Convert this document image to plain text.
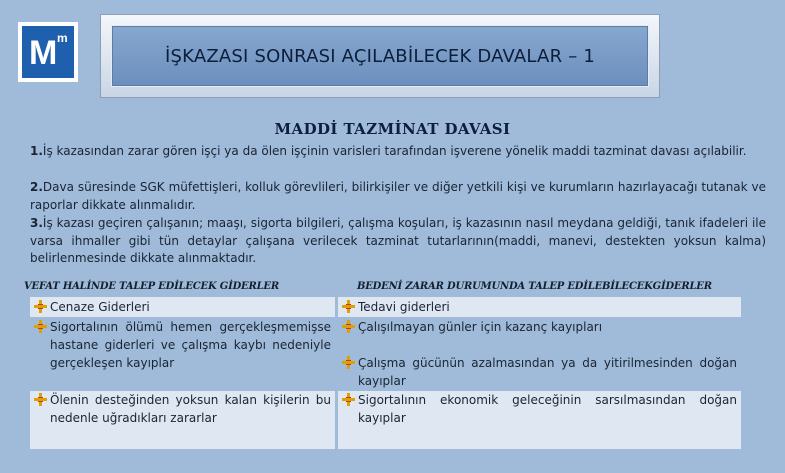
M m
İŞKAZASI SONRASI AÇILABİLECEK DAVALAR – 1
MADDİ TAZMİNAT DAVASI
1.İş kazasından zarar gören işçi ya da ölen işçinin varisleri tarafından işverene yönelik maddi tazminat davası açılabilir.
2.Dava süresinde SGK müfettişleri, kolluk görevlileri, bilirkişiler ve diğer yetkili kişi ve kurumların hazırlayacağı tutanak ve raporlar dikkate alınmalıdır.
3.İş kazası geçiren çalışanın; maaşı, sigorta bilgileri, çalışma koşuları, iş kazasının nasıl meydana geldiği, tanık ifadeleri ile varsa ihmaller gibi tün detaylar çalışana verilecek tazminat tutarlarının(maddi, manevi, destekten yoksun kalma) belirlenmesinde dikkate alınmaktadır.
VEFAT HALİNDE TALEP EDİLECEK GİDERLER	BEDENİ ZARAR DURUMUNDA TALEP EDİLEBİLECEKGİDERLER
Cenaze Giderleri
Sigortalının ölümü hemen gerçekleşmemişse hastane giderleri ve çalışma kaybı nedeniyle gerçekleşen kayıplar
Ölenin desteğinden yoksun kalan kişilerin bu nedenle uğradıkları zararlar
Tedavi giderleri
Çalışılmayan günler için kazanç kayıpları
Çalışma gücünün azalmasından ya da yitirilmesinden doğan kayıplar
Sigortalının ekonomik geleceğinin sarsılmasından doğan kayıplar
